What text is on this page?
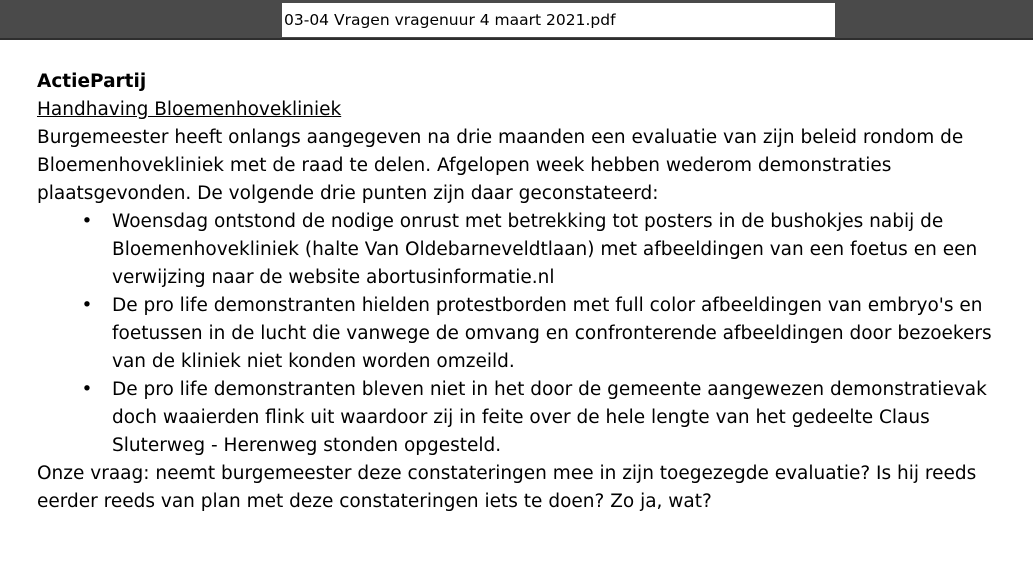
03-04 Vragen vragenuur 4 maart 2021.pdf

ActiePartij

Handhaving Bloemenhovekliniek

Burgemeester heeft onlangs aangegeven na drie maanden een evaluatie van zijn beleid rondom de Bloemenhovekliniek met de raad te delen. Afgelopen week hebben wederom demonstraties plaatsgevonden. De volgende drie punten zijn daar geconstateerd:

• Woensdag ontstond de nodige onrust met betrekking tot posters in de bushokjes nabij de Bloemenhovekliniek (halte Van Oldebarneveldtlaan) met afbeeldingen van een foetus en een verwijzing naar de website abortusinformatie.nl
• De pro life demonstranten hielden protestborden met full color afbeeldingen van embryo's en foetussen in de lucht die vanwege de omvang en confronterende afbeeldingen door bezoekers van de kliniek niet konden worden omzeild.
• De pro life demonstranten bleven niet in het door de gemeente aangewezen demonstratievak doch waaierden flink uit waardoor zij in feite over de hele lengte van het gedeelte Claus Sluterweg - Herenweg stonden opgesteld.

Onze vraag: neemt burgemeester deze constateringen mee in zijn toegezegde evaluatie? Is hij reeds eerder reeds van plan met deze constateringen iets te doen? Zo ja, wat?
